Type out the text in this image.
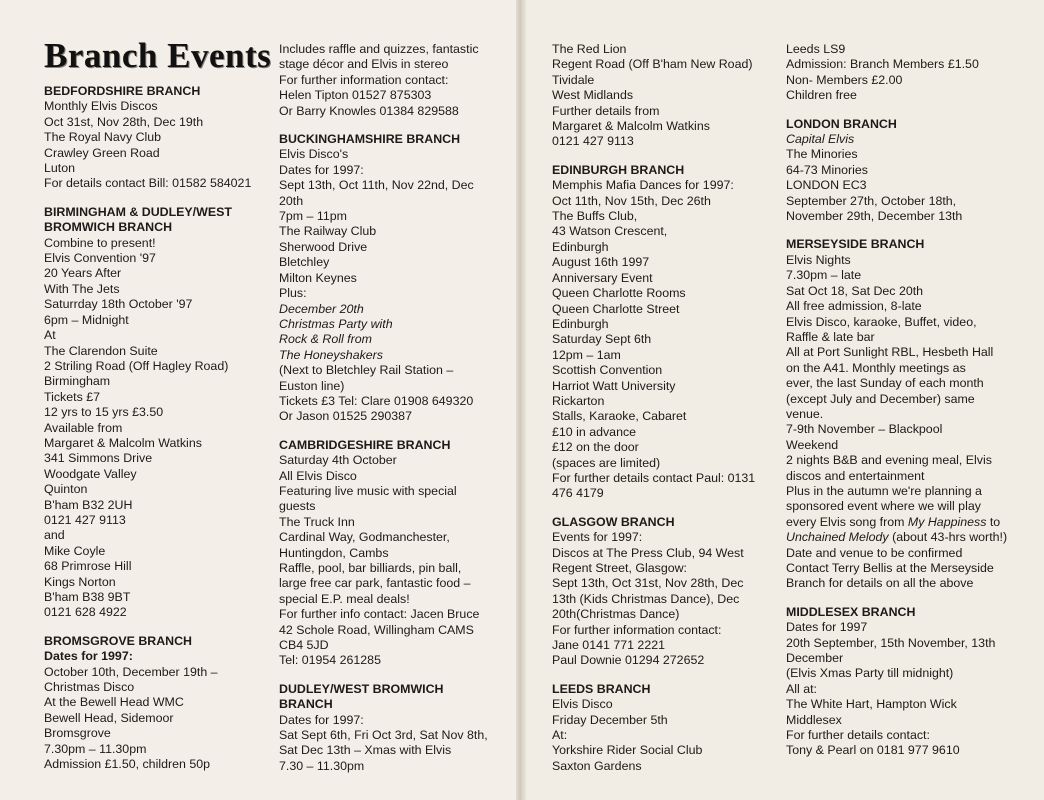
Branch Events
BEDFORDSHIRE BRANCH
Monthly Elvis Discos
Oct 31st, Nov 28th, Dec 19th
The Royal Navy Club
Crawley Green Road
Luton
For details contact Bill: 01582 584021
BIRMINGHAM & DUDLEY/WEST
BROMWICH BRANCH
Combine to present!
Elvis Convention '97
20 Years After
With The Jets
Saturrday 18th October '97
6pm – Midnight
At
The Clarendon Suite
2 Striling Road (Off Hagley Road)
Birmingham
Tickets £7
12 yrs to 15 yrs £3.50
Available from
Margaret & Malcolm Watkins
341 Simmons Drive
Woodgate Valley
Quinton
B'ham B32 2UH
0121 427 9113
and
Mike Coyle
68 Primrose Hill
Kings Norton
B'ham B38 9BT
0121 628 4922
BROMSGROVE BRANCH
Dates for 1997:
October 10th, December 19th –
Christmas Disco
At the Bewell Head WMC
Bewell Head, Sidemoor
Bromsgrove
7.30pm – 11.30pm
Admission £1.50, children 50p
Includes raffle and quizzes, fantastic
stage décor and Elvis in stereo
For further information contact:
Helen Tipton 01527 875303
Or Barry Knowles 01384 829588
BUCKINGHAMSHIRE BRANCH
Elvis Disco's
Dates for 1997:
Sept 13th, Oct 11th, Nov 22nd, Dec
20th
7pm – 11pm
The Railway Club
Sherwood Drive
Bletchley
Milton Keynes
Plus:
December 20th
Christmas Party with
Rock & Roll from
The Honeyshakers
(Next to Bletchley Rail Station –
Euston line)
Tickets £3 Tel: Clare 01908 649320
Or Jason 01525 290387
CAMBRIDGESHIRE BRANCH
Saturday 4th October
All Elvis Disco
Featuring live music with special
guests
The Truck Inn
Cardinal Way, Godmanchester,
Huntingdon, Cambs
Raffle, pool, bar billiards, pin ball,
large free car park, fantastic food –
special E.P. meal deals!
For further info contact: Jacen Bruce
42 Schole Road, Willingham CAMS
CB4 5JD
Tel: 01954 261285
DUDLEY/WEST BROMWICH
BRANCH
Dates for 1997:
Sat Sept 6th, Fri Oct 3rd, Sat Nov 8th,
Sat Dec 13th – Xmas with Elvis
7.30 – 11.30pm
The Red Lion
Regent Road (Off B'ham New Road)
Tividale
West Midlands
Further details from
Margaret & Malcolm Watkins
0121 427 9113
EDINBURGH BRANCH
Memphis Mafia Dances for 1997:
Oct 11th, Nov 15th, Dec 26th
The Buffs Club,
43 Watson Crescent,
Edinburgh
August 16th 1997
Anniversary Event
Queen Charlotte Rooms
Queen Charlotte Street
Edinburgh
Saturday Sept 6th
12pm – 1am
Scottish Convention
Harriot Watt University
Rickarton
Stalls, Karaoke, Cabaret
£10 in advance
£12 on the door
(spaces are limited)
For further details contact Paul: 0131
476 4179
GLASGOW BRANCH
Events for 1997:
Discos at The Press Club, 94 West
Regent Street, Glasgow:
Sept 13th, Oct 31st, Nov 28th, Dec
13th (Kids Christmas Dance), Dec
20th(Christmas Dance)
For further information contact:
Jane 0141 771 2221
Paul Downie 01294 272652
LEEDS BRANCH
Elvis Disco
Friday December 5th
At:
Yorkshire Rider Social Club
Saxton Gardens
Leeds LS9
Admission: Branch Members £1.50
Non- Members £2.00
Children free
LONDON BRANCH
Capital Elvis
The Minories
64-73 Minories
LONDON EC3
September 27th, October 18th,
November 29th, December 13th
MERSEYSIDE BRANCH
Elvis Nights
7.30pm – late
Sat Oct 18, Sat Dec 20th
All free admission, 8-late
Elvis Disco, karaoke, Buffet, video,
Raffle & late bar
All at Port Sunlight RBL, Hesbeth Hall
on the A41. Monthly meetings as
ever, the last Sunday of each month
(except July and December) same
venue.
7-9th November – Blackpool
Weekend
2 nights B&B and evening meal, Elvis
discos and entertainment
Plus in the autumn we're planning a
sponsored event where we will play
every Elvis song from My Happiness to
Unchained Melody (about 43-hrs worth!)
Date and venue to be confirmed
Contact Terry Bellis at the Merseyside
Branch for details on all the above
MIDDLESEX BRANCH
Dates for 1997
20th September, 15th November, 13th
December
(Elvis Xmas Party till midnight)
All at:
The White Hart, Hampton Wick
Middlesex
For further details contact:
Tony & Pearl on 0181 977 9610
